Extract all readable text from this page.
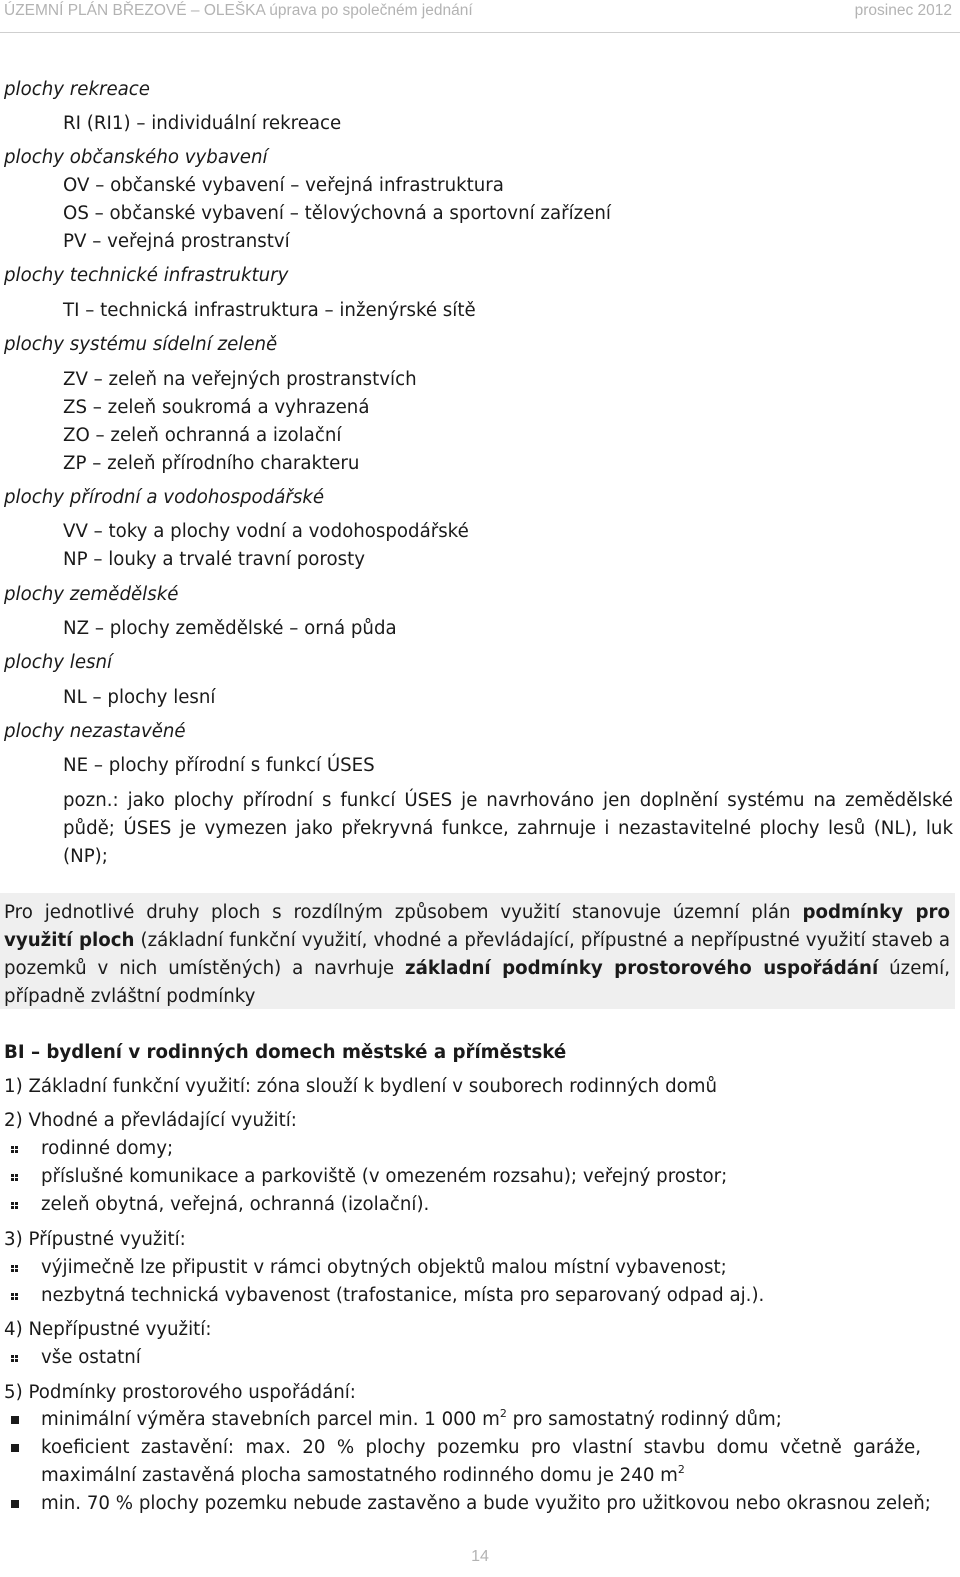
ÚZEMNÍ PLÁN BŘEZOVÉ – OLEŠKA úprava po společném jednání	prosinec 2012
plochy rekreace
RI (RI1) – individuální rekreace
plochy občanského vybavení
OV – občanské vybavení – veřejná infrastruktura
OS – občanské vybavení – tělovýchovná a sportovní zařízení
PV – veřejná prostranství
plochy technické infrastruktury
TI – technická infrastruktura – inženýrské sítě
plochy systému sídelní zeleně
ZV – zeleň na veřejných prostranstvích
ZS – zeleň soukromá a vyhrazená
ZO – zeleň ochranná a izolační
ZP – zeleň přírodního charakteru
plochy přírodní a vodohospodářské
VV – toky a plochy vodní a vodohospodářské
NP – louky a trvalé travní porosty
plochy zemědělské
NZ – plochy zemědělské – orná půda
plochy lesní
NL – plochy lesní
plochy nezastavěné
NE – plochy přírodní s funkcí ÚSES
pozn.: jako plochy přírodní s funkcí ÚSES je navrhováno jen doplnění systému na zemědělské půdě; ÚSES je vymezen jako překryvná funkce, zahrnuje i nezastavitelné plochy lesů (NL), luk (NP);
Pro jednotlivé druhy ploch s rozdílným způsobem využití stanovuje územní plán podmínky pro využití ploch (základní funkční využití, vhodné a převládající, přípustné a nepřípustné využití staveb a pozemků v nich umístěných) a navrhuje základní podmínky prostorového uspořádání území, případně zvláštní podmínky
BI – bydlení v rodinných domech městské a příměstské
1) Základní funkční využití: zóna slouží k bydlení v souborech rodinných domů
2) Vhodné a převládající využití:
rodinné domy;
příslušné komunikace a parkoviště (v omezeném rozsahu); veřejný prostor;
zeleň obytná, veřejná, ochranná (izolační).
3) Přípustné využití:
výjimečně lze připustit v rámci obytných objektů malou místní vybavenost;
nezbytná technická vybavenost (trafostanice, místa pro separovaný odpad aj.).
4) Nepřípustné využití:
vše ostatní
5) Podmínky prostorového uspořádání:
minimální výměra stavebních parcel min. 1 000 $m^2$ pro samostatný rodinný dům;
koeficient zastavění: max. 20 % plochy pozemku pro vlastní stavbu domu včetně garáže, maximální zastavěná plocha samostatného rodinného domu je 240 $m^2$
min. 70 % plochy pozemku nebude zastavěno a bude využito pro užitkovou nebo okrasnou zeleň;
14
